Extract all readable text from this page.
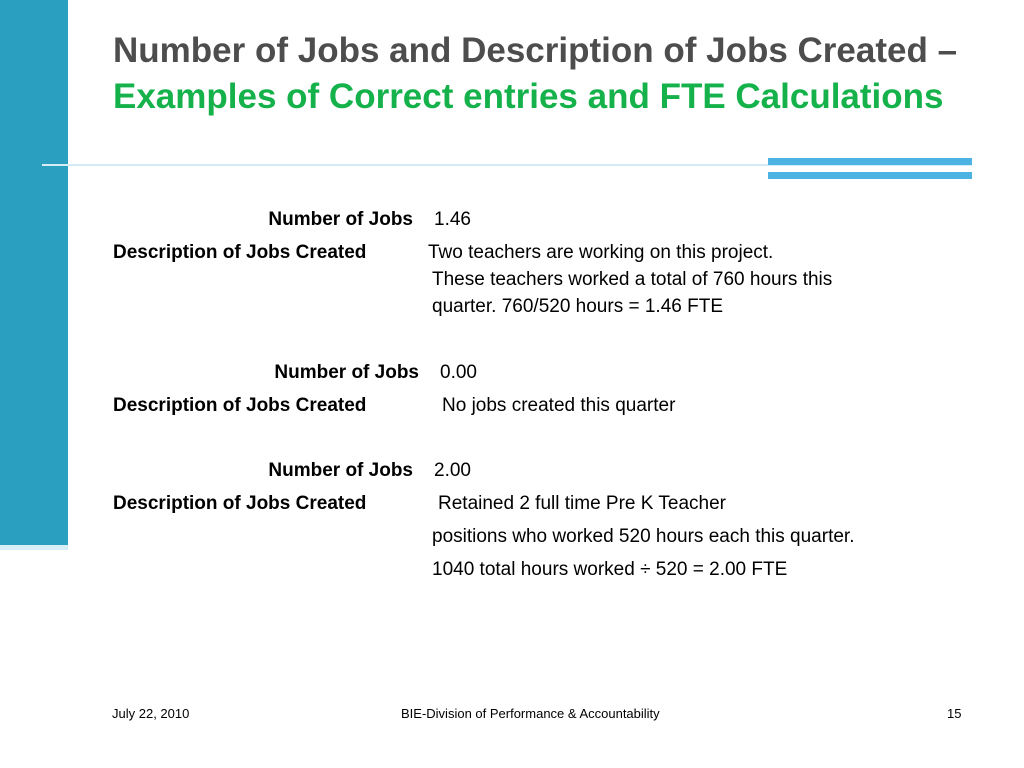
Number of Jobs and Description of Jobs Created –  Examples of Correct entries and FTE Calculations
Number of Jobs 1.46
Description of Jobs Created	Two teachers are working on this project.
These teachers worked a total of 760 hours this
quarter. 760/520 hours = 1.46 FTE
Number of Jobs 0.00
Description of Jobs Created	No jobs created this quarter
Number of Jobs 2.00
Description of Jobs Created	Retained 2 full time Pre K Teacher
positions who worked 520 hours each this quarter.
1040 total hours worked ÷ 520 = 2.00 FTE
July 22, 2010	BIE-Division of Performance & Accountability	15
